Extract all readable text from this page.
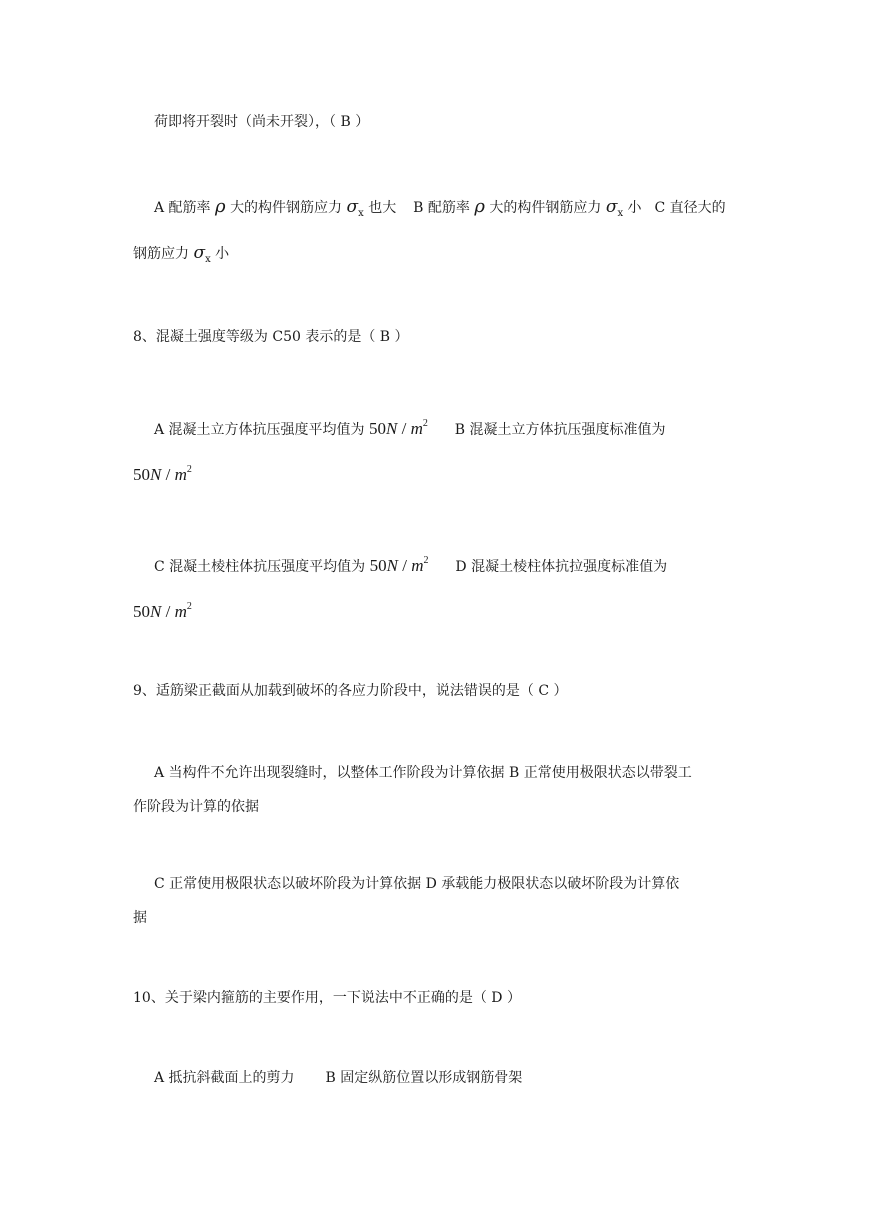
荷即将开裂时（尚未开裂），（ B ）
A 配筋率 ρ 大的构件钢筋应力 $\sigma_x$ 也大 B 配筋率 ρ 大的构件钢筋应力 $\sigma_x$ 小 C 直径大的
钢筋应力 $\sigma_x$ 小
8、混凝土强度等级为 C50 表示的是（ B ）
A 混凝土立方体抗压强度平均值为 $50N / m^2$ B 混凝土立方体抗压强度标准值为
$50N / m^2$
C 混凝土棱柱体抗压强度平均值为 $50N / m^2$ D 混凝土棱柱体抗拉强度标准值为
$50N / m^2$
9、适筋梁正截面从加载到破坏的各应力阶段中，说法错误的是（ C ）
A 当构件不允许出现裂缝时，以整体工作阶段为计算依据 B 正常使用极限状态以带裂工
作阶段为计算的依据
C 正常使用极限状态以破坏阶段为计算依据 D 承载能力极限状态以破坏阶段为计算依
据
10、关于梁内箍筋的主要作用，一下说法中不正确的是（ D ）
A 抵抗斜截面上的剪力 B 固定纵筋位置以形成钢筋骨架
